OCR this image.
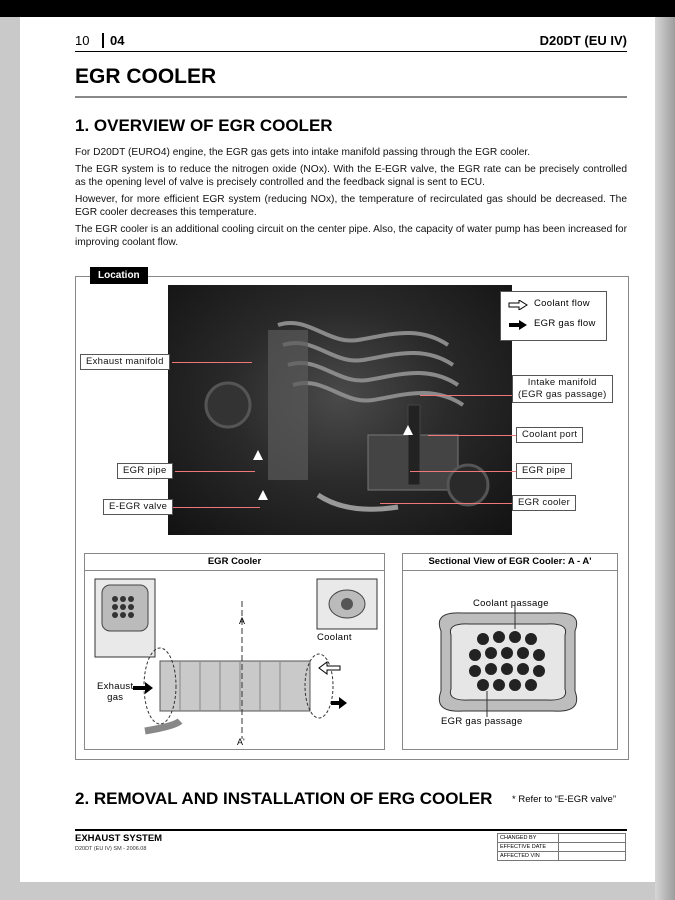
10 04	D20DT (EU IV)
EGR COOLER
1. OVERVIEW OF EGR COOLER
For D20DT (EURO4) engine, the EGR gas gets into intake manifold passing through the EGR cooler.
The EGR system is to reduce the nitrogen oxide (NOx). With the E-EGR valve, the EGR rate can be precisely controlled as the opening level of valve is precisely controlled and the feedback signal is sent to ECU.
However, for more efficient EGR system (reducing NOx), the temperature of recirculated gas should be decreased. The EGR cooler decreases this temperature.
The EGR cooler is an additional cooling circuit on the center pipe. Also, the capacity of water pump has been increased for improving coolant flow.
Location
Coolant flow
EGR gas flow
Exhaust manifold
Intake manifold
(EGR gas passage)
Coolant port
EGR pipe	EGR pipe
E-EGR valve	EGR cooler
EGR Cooler
A
A'
Coolant
Exhaust
gas
Sectional View of EGR Cooler: A - A'
Coolant passage
EGR gas passage
2. REMOVAL AND INSTALLATION OF ERG COOLER * Refer to “E-EGR valve”
EXHAUST SYSTEM
D20DT (EU IV) SM - 2006.08
CHANGED BY	
EFFECTIVE DATE	
AFFECTED VIN	
